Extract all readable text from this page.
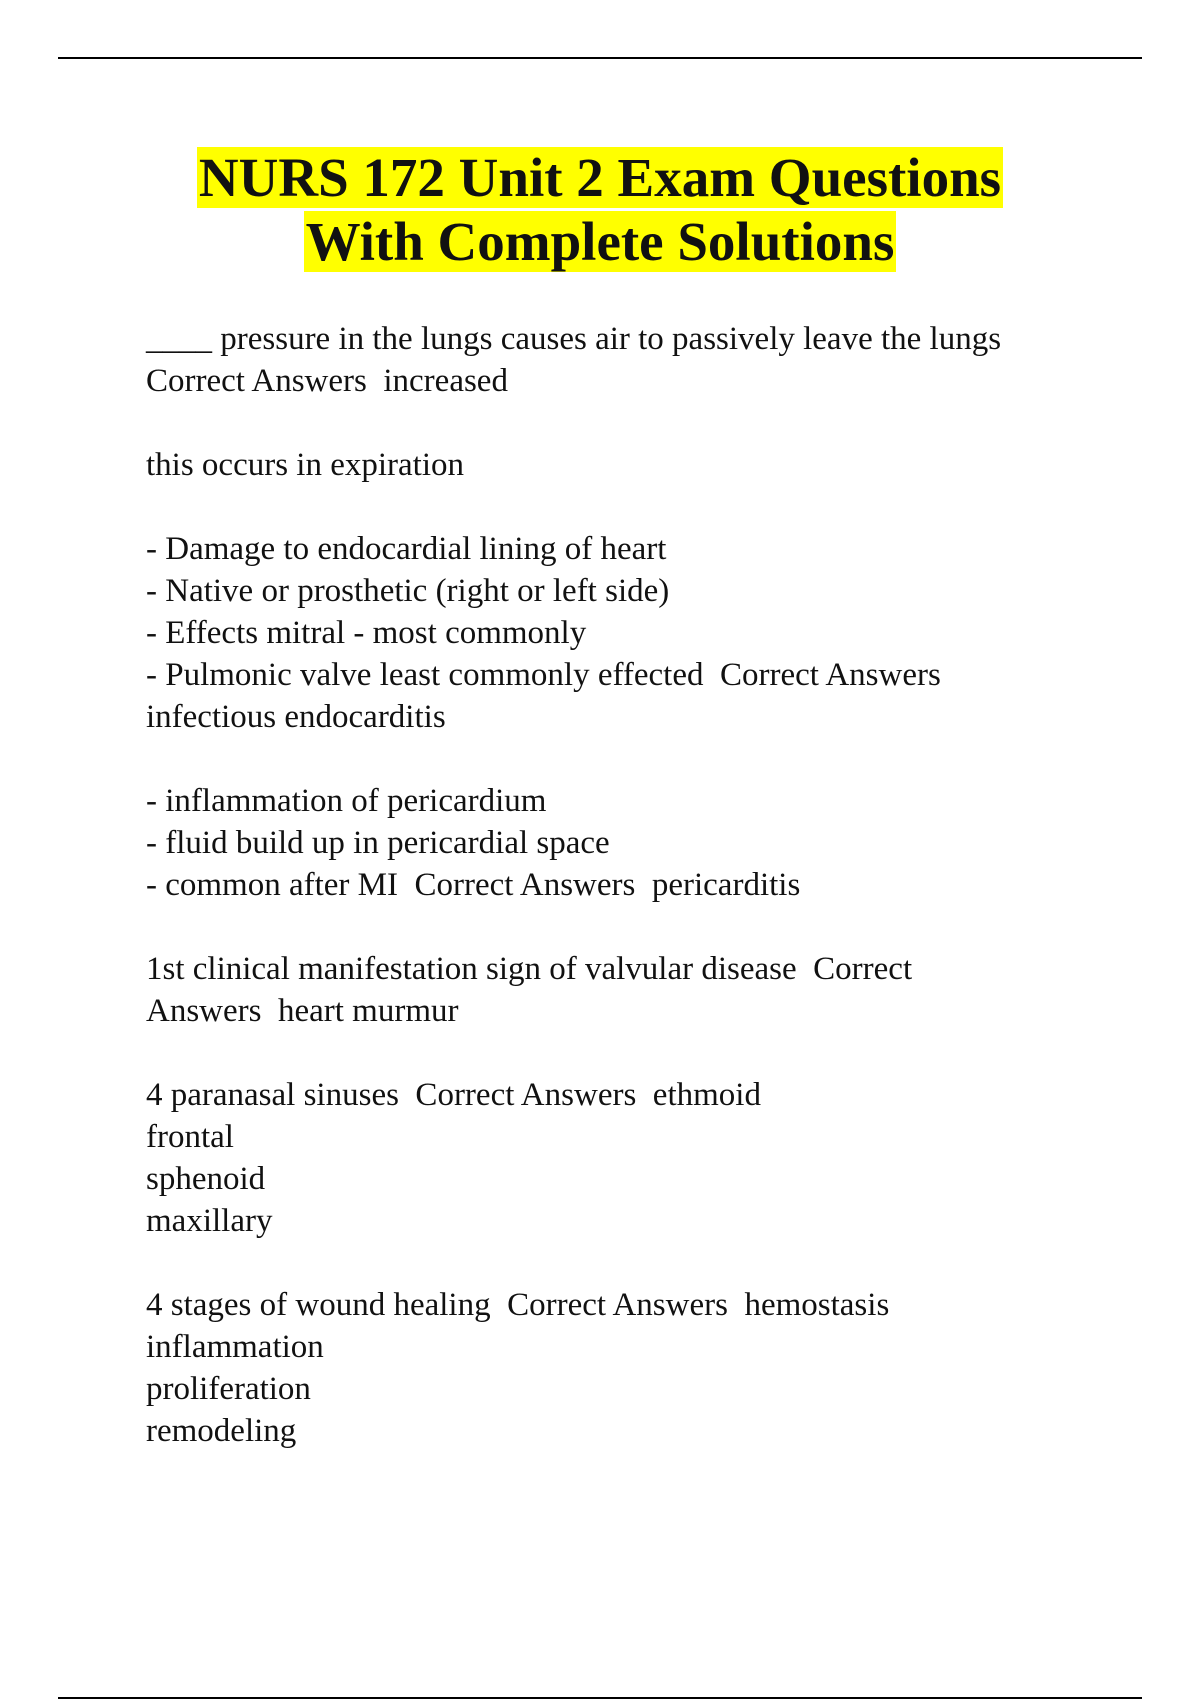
NURS 172 Unit 2 Exam Questions
With Complete Solutions
____ pressure in the lungs causes air to passively leave the lungs
Correct Answers  increased
this occurs in expiration
- Damage to endocardial lining of heart
- Native or prosthetic (right or left side)
- Effects mitral - most commonly
- Pulmonic valve least commonly effected  Correct Answers
infectious endocarditis
- inflammation of pericardium
- fluid build up in pericardial space
- common after MI  Correct Answers  pericarditis
1st clinical manifestation sign of valvular disease  Correct
Answers  heart murmur
4 paranasal sinuses  Correct Answers  ethmoid
frontal
sphenoid
maxillary
4 stages of wound healing  Correct Answers  hemostasis
inflammation
proliferation
remodeling
